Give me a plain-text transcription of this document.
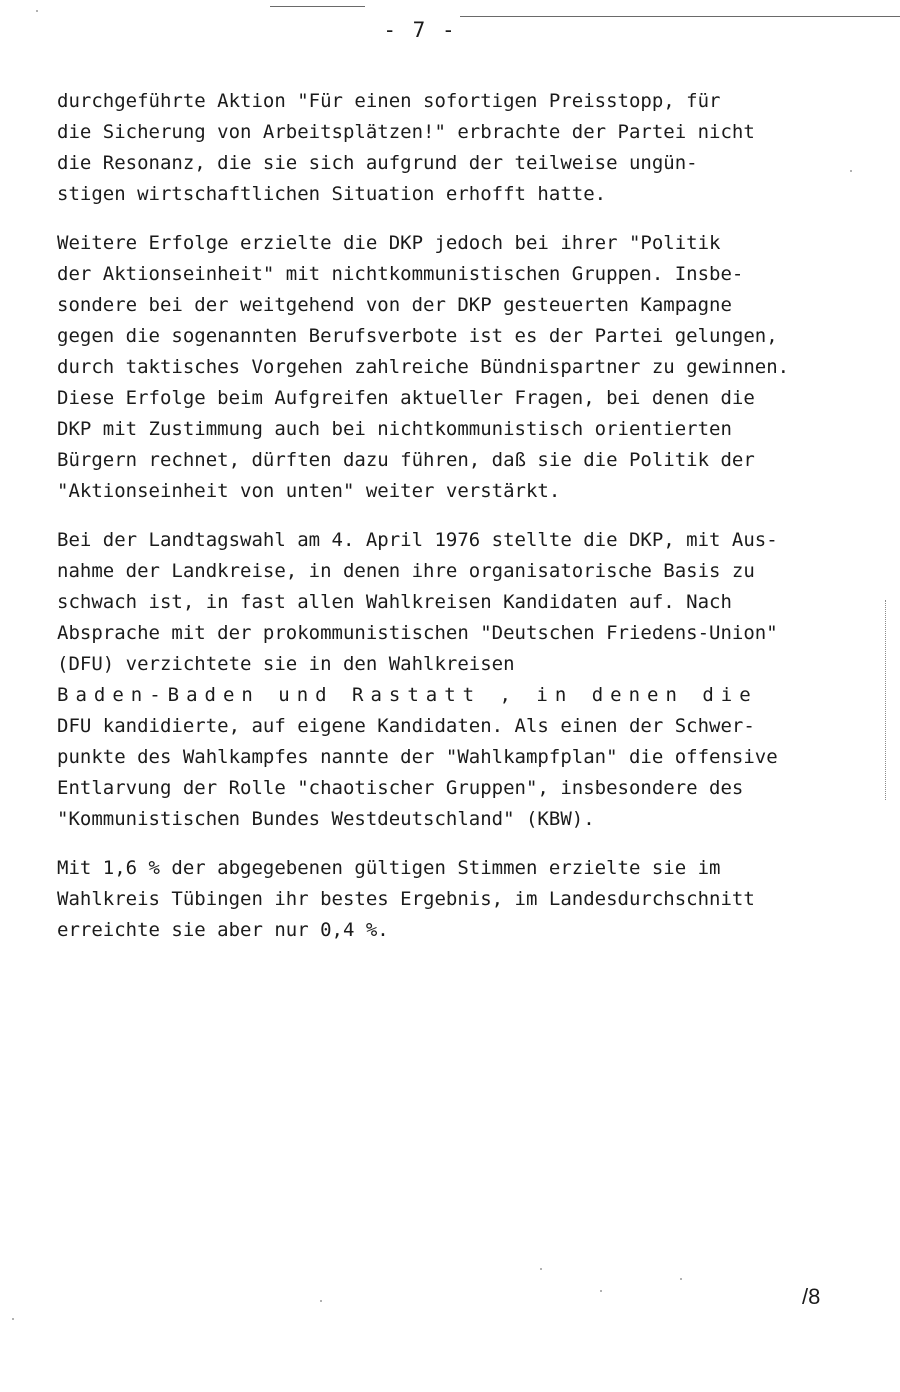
- 7 -
durchgeführte Aktion "Für einen sofortigen Preisstopp, für
die Sicherung von Arbeitsplätzen!" erbrachte der Partei nicht
die Resonanz, die sie sich aufgrund der teilweise ungün-
stigen wirtschaftlichen Situation erhofft hatte.
Weitere Erfolge erzielte die DKP jedoch bei ihrer "Politik
der Aktionseinheit" mit nichtkommunistischen Gruppen. Insbe-
sondere bei der weitgehend von der DKP gesteuerten Kampagne
gegen die sogenannten Berufsverbote ist es der Partei gelungen,
durch taktisches Vorgehen zahlreiche Bündnispartner zu gewinnen.
Diese Erfolge beim Aufgreifen aktueller Fragen, bei denen die
DKP mit Zustimmung auch bei nichtkommunistisch orientierten
Bürgern rechnet, dürften dazu führen, daß sie die Politik der
"Aktionseinheit von unten" weiter verstärkt.
Bei der Landtagswahl am 4. April 1976 stellte die DKP, mit Aus-
nahme der Landkreise, in denen ihre organisatorische Basis zu
schwach ist, in fast allen Wahlkreisen Kandidaten auf. Nach
Absprache mit der prokommunistischen "Deutschen Friedens-Union"
(DFU) verzichtete sie in den Wahlkreisen
Baden-Baden und Rastatt , in denen die
DFU kandidierte, auf eigene Kandidaten. Als einen der Schwer-
punkte des Wahlkampfes nannte der "Wahlkampfplan" die offensive
Entlarvung der Rolle "chaotischer Gruppen", insbesondere des
"Kommunistischen Bundes Westdeutschland" (KBW).
Mit 1,6 % der abgegebenen gültigen Stimmen erzielte sie im
Wahlkreis Tübingen ihr bestes Ergebnis, im Landesdurchschnitt
erreichte sie aber nur 0,4 %.
/8
